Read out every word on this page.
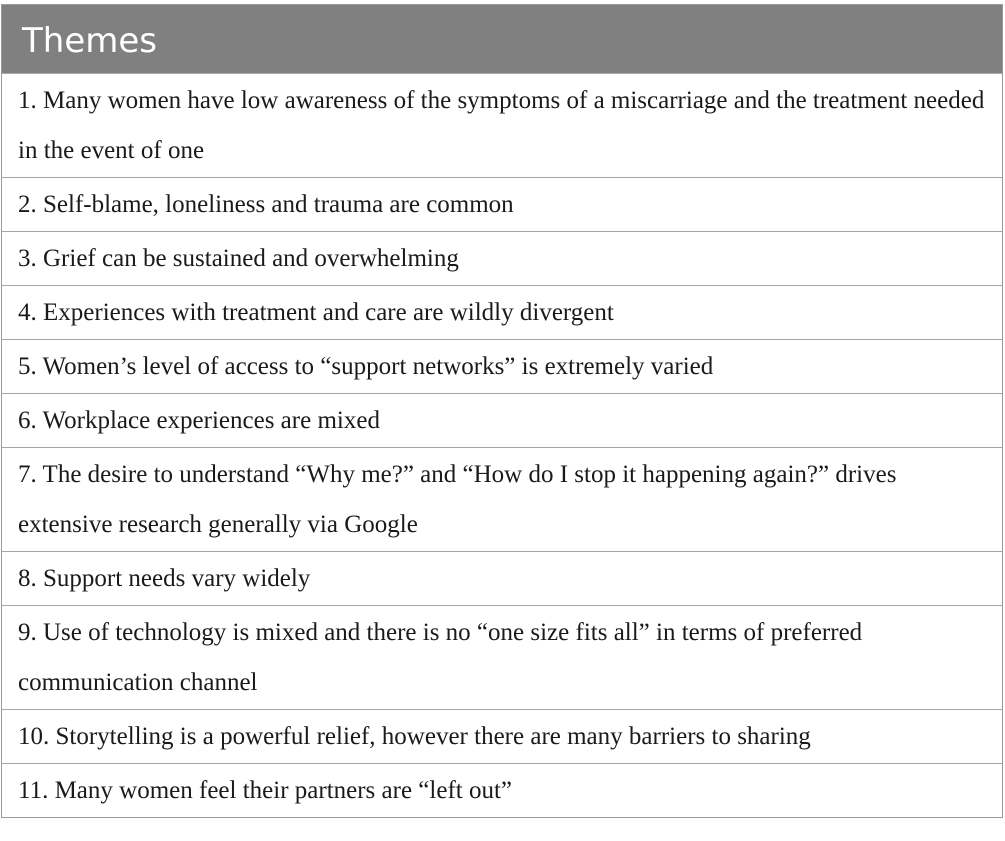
Themes
1. Many women have low awareness of the symptoms of a miscarriage and the treatment needed in the event of one
2. Self-blame, loneliness and trauma are common
3. Grief can be sustained and overwhelming
4. Experiences with treatment and care are wildly divergent
5. Women’s level of access to “support networks” is extremely varied
6. Workplace experiences are mixed
7. The desire to understand “Why me?” and “How do I stop it happening again?” drives extensive research generally via Google
8. Support needs vary widely
9. Use of technology is mixed and there is no “one size fits all” in terms of preferred communication channel
10. Storytelling is a powerful relief, however there are many barriers to sharing
11. Many women feel their partners are “left out”
